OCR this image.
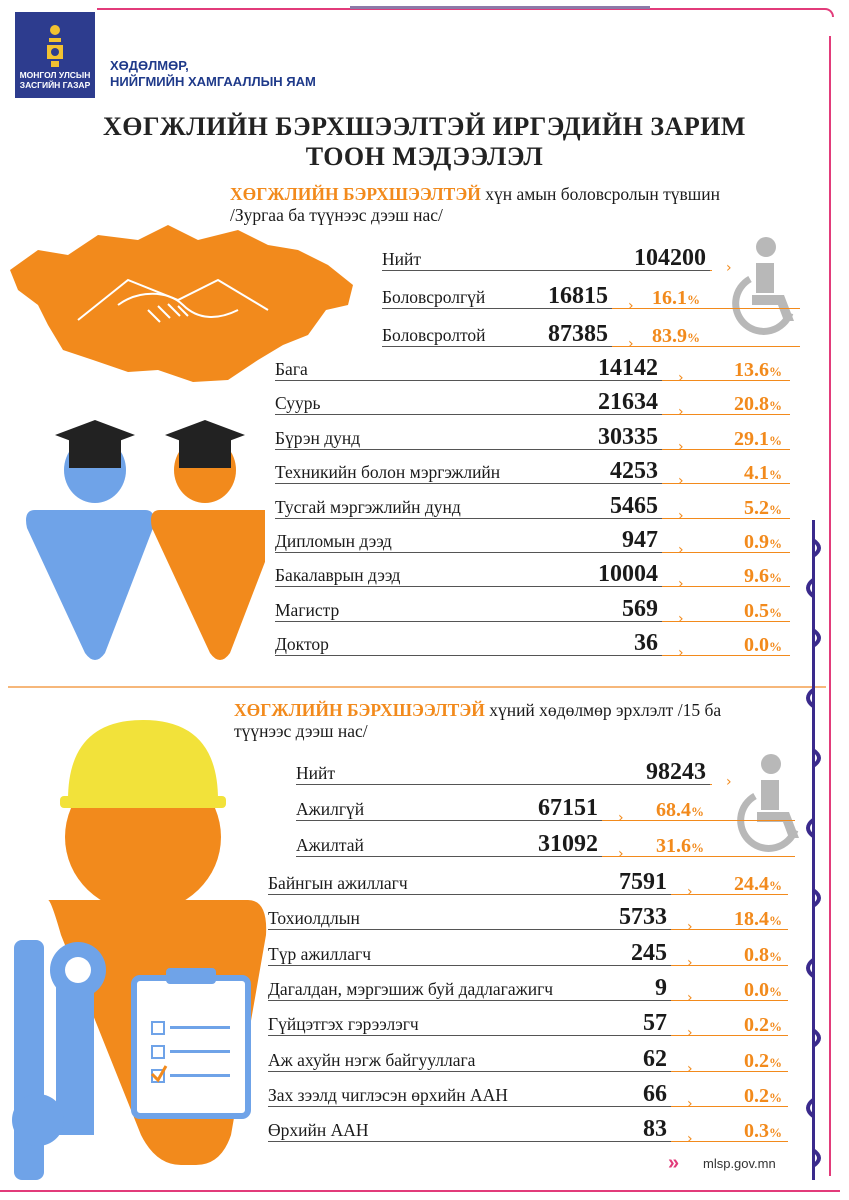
МОНГОЛ УЛСЫН ЗАСГИЙН ГАЗАР
ХӨДӨЛМӨР,
НИЙГМИЙН ХАМГААЛЛЫН ЯАМ
ХӨГЖЛИЙН БЭРХШЭЭЛТЭЙ ИРГЭДИЙН ЗАРИМ
ТООН МЭДЭЭЛЭЛ
ХӨГЖЛИЙН БЭРХШЭЭЛТЭЙ хүн амын боловсролын түвшин
/Зургаа ба түүнээс дээш нас/
Нийт	104200 ›
Боловсролгүй	16815 › 16.1%
Боловсролтой	87385 › 83.9%
Бага	14142 ›	13.6%
Суурь	21634 ›	20.8%
Бүрэн дунд	30335 ›	29.1%
Техникийн болон мэргэжлийн	4253 ›	4.1%
Тусгай мэргэжлийн дунд	5465 ›	5.2%
Дипломын дээд	947 ›	0.9%
Бакалаврын дээд	10004 ›	9.6%
Магистр	569 ›	0.5%
Доктор	36 ›	0.0%
ХӨГЖЛИЙН БЭРХШЭЭЛТЭЙ хүний хөдөлмөр эрхлэлт /15 ба
түүнээс дээш нас/
Нийт	98243 ›
Ажилгүй	67151 ›	68.4%
Ажилтай	31092 ›	31.6%
Байнгын ажиллагч	7591 ›	24.4%
Тохиолдлын	5733 ›	18.4%
Түр ажиллагч	245 ›	0.8%
Дагалдан, мэргэшиж буй дадлагажигч	9 ›	0.0%
Гүйцэтгэх гэрээлэгч	57 ›	0.2%
Аж ахуйн нэгж байгууллага	62 ›	0.2%
Зах зээлд чиглэсэн өрхийн ААН	66 ›	0.2%
Өрхийн ААН	83 ›	0.3%
» mlsp.gov.mn
